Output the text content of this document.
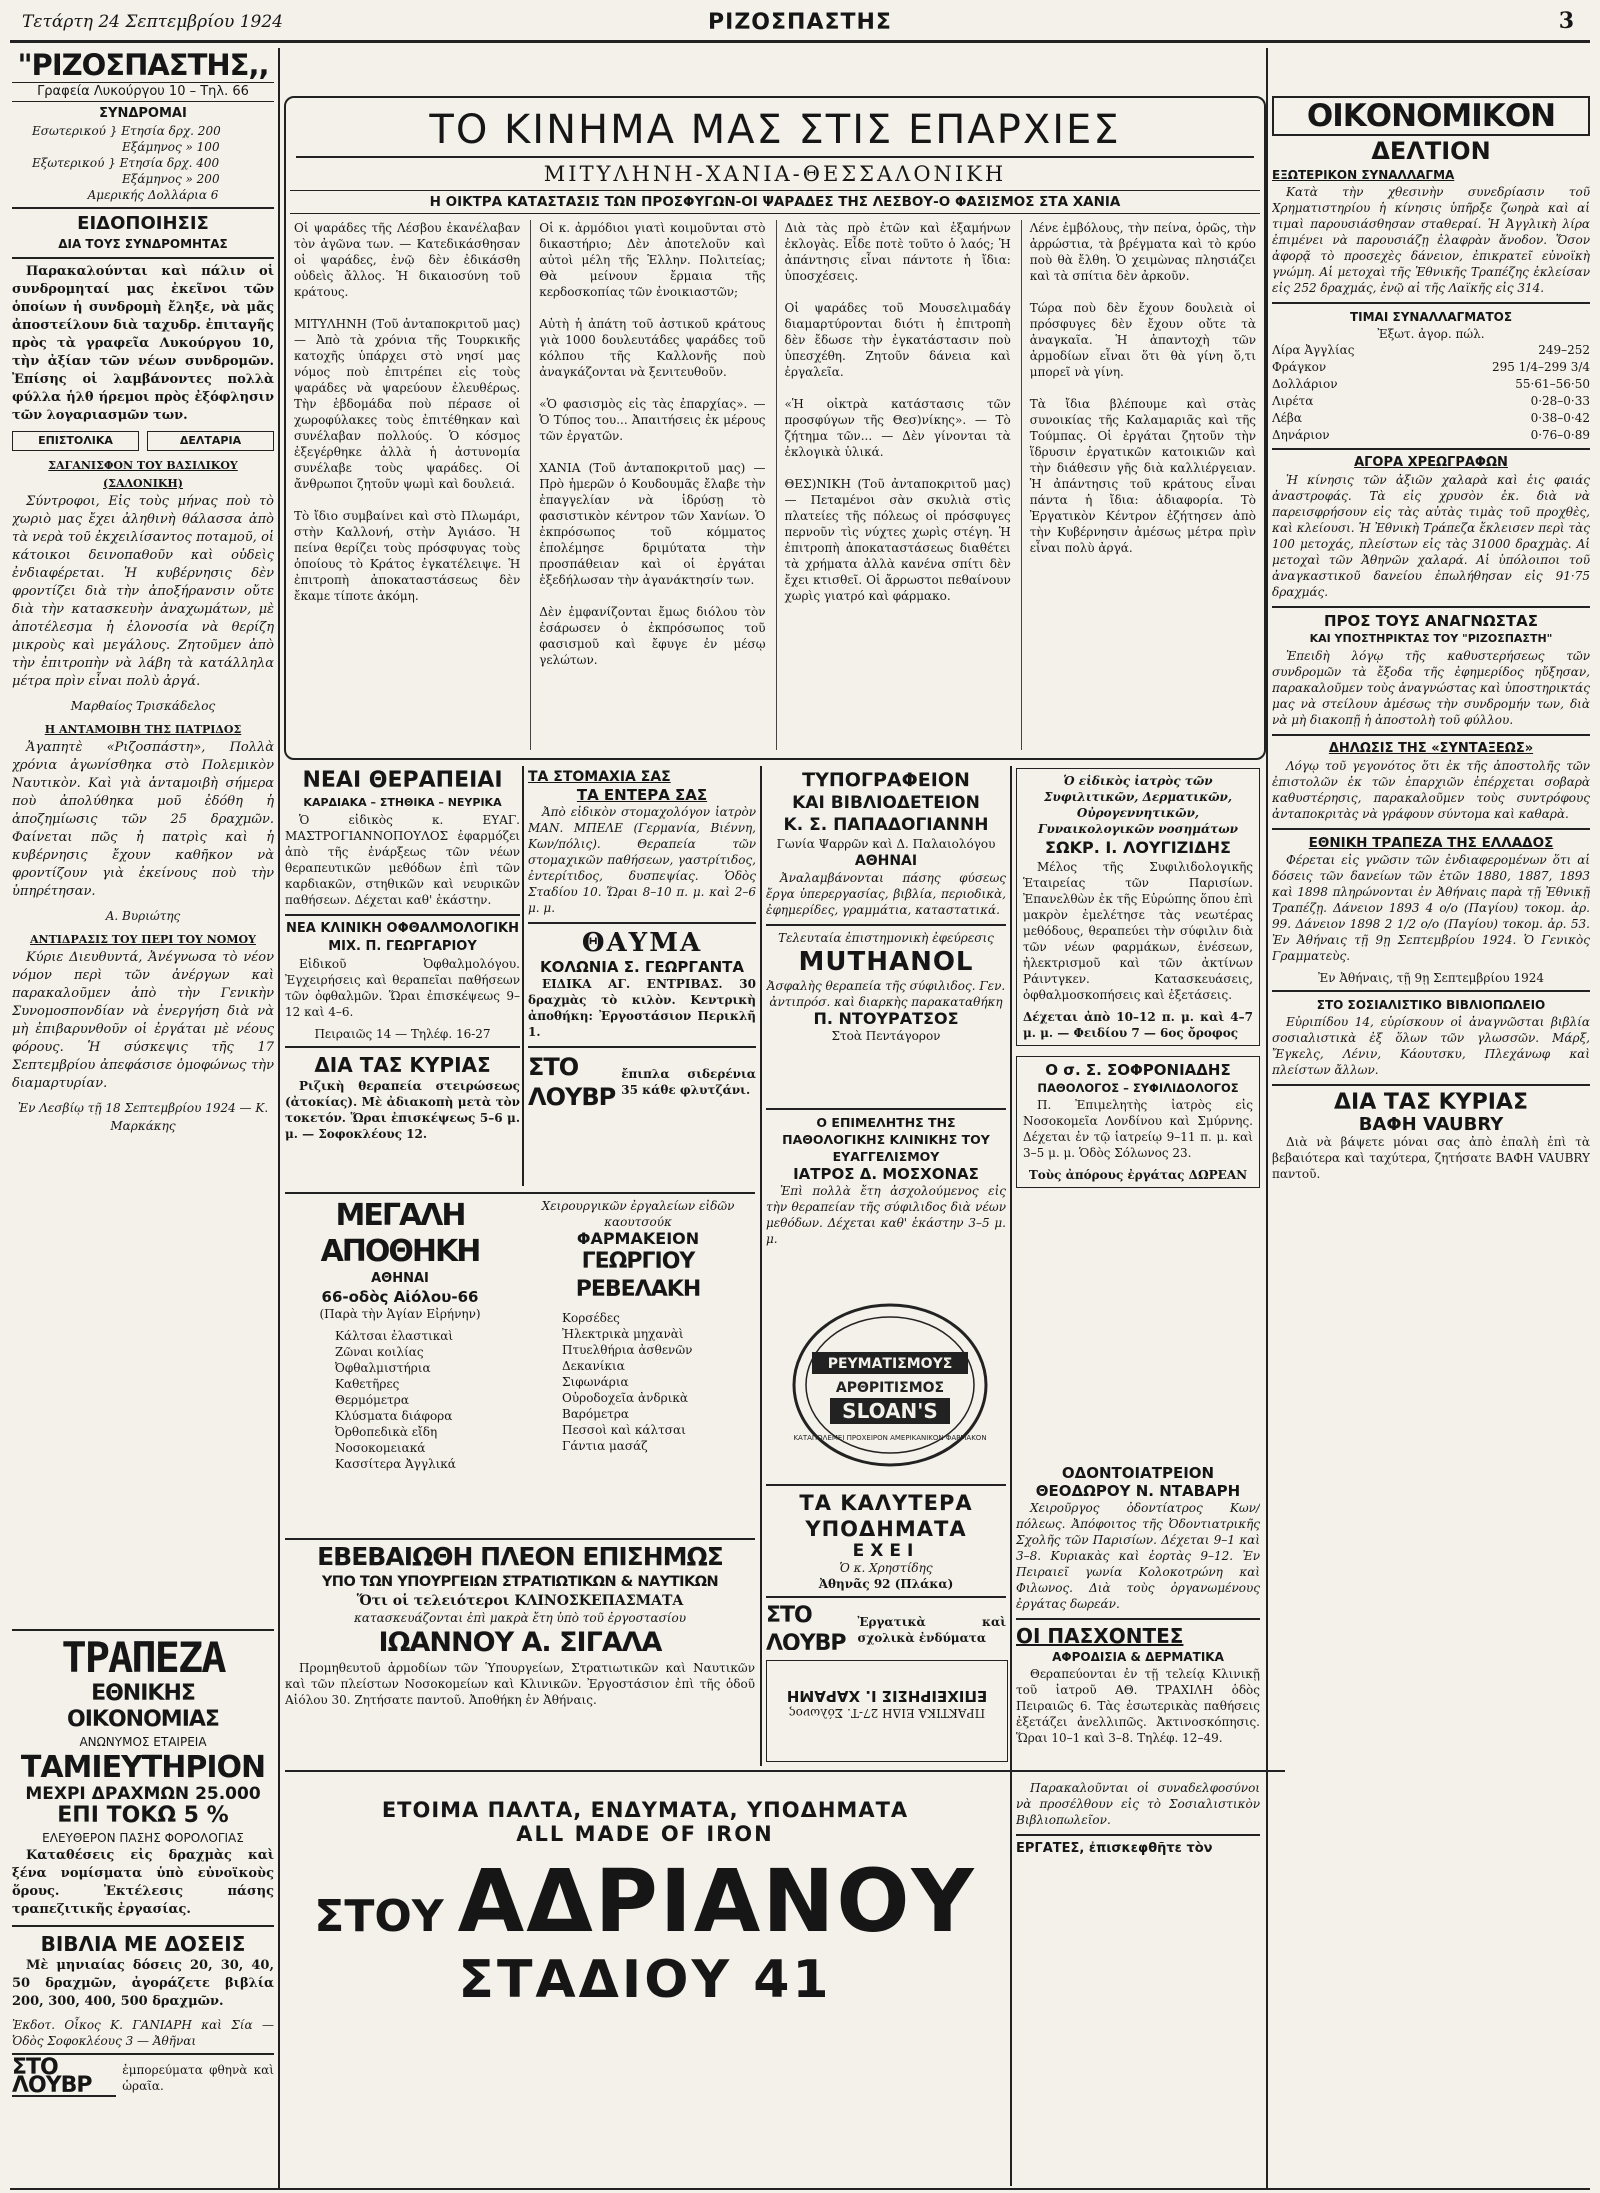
Τετάρτη 24 Σεπτεμβρίου 1924	ΡΙΖΟΣΠΑΣΤΗΣ	3
"ΡΙΖΟΣΠΑΣΤΗΣ,,
Γραφεία Λυκούργου 10 – Τηλ. 66
ΣΥΝΔΡΟΜΑΙ
Εσωτερικού } Ετησία δρχ. 200
Εξάμηνος » 100
Εξωτερικού } Ετησία δρχ. 400
Εξάμηνος » 200
Αμερικής Δολλάρια 6
ΕΙΔΟΠΟΙΗΣΙΣ
ΔΙΑ ΤΟΥΣ ΣΥΝΔΡΟΜΗΤΑΣ

Παρακαλούνται καὶ πάλιν οἱ συνδρομηταί μας ἐκεῖνοι τῶν ὁποίων ἡ συνδρομὴ ἔληξε, νὰ μᾶς ἀποστείλουν διὰ ταχυδρ. ἐπιταγῆς πρὸς τὰ γραφεῖα Λυκούργου 10, τὴν ἀξίαν τῶν νέων συνδρομῶν. Ἐπίσης οἱ λαμβάνοντες πολλὰ φύλλα ἡλθ ήρεμοι πρὸς ἐξόφλησιν τῶν λογαριασμῶν των.

ΕΠΙΣΤΟΛΙΚΑ	ΔΕΛΤΑΡΙΑ
ΣΑΓΑΝΙΣΦΟΝ ΤΟΥ ΒΑΣΙΛΙΚΟΥ (ΣΑΛΟΝΙΚΗ)

Σύντροφοι, Εἰς τοὺς μήνας ποὺ τὸ χωριὸ μας ἔχει ἀληθινὴ θάλασσα ἀπὸ τὰ νερὰ τοῦ ἐκχειλίσαντος ποταμοῦ, οἱ κάτοικοι δεινοπαθοῦν καὶ οὐδεὶς ἐνδιαφέρεται. Ἡ κυβέρνησις δὲν φροντίζει διὰ τὴν ἀποξήρανσιν οὔτε διὰ τὴν κατασκευὴν ἀναχωμάτων, μὲ ἀποτέλεσμα ἡ ἐλονοσία νὰ θερίζη μικροὺς καὶ μεγάλους. Ζητοῦμεν ἀπὸ τὴν ἐπιτροπὴν νὰ λάβη τὰ κατάλληλα μέτρα πρὶν εἶναι πολὺ ἀργά.

Μαρθαίος Τρισκάδελος
Η ΑΝΤΑΜΟΙΒΗ ΤΗΣ ΠΑΤΡΙΔΟΣ

Ἀγαπητὲ «Ριζοσπάστη», Πολλὰ χρόνια ἀγωνίσθηκα στὸ Πολεμικὸν Ναυτικὸν. Καὶ γιὰ ἀνταμοιβὴ σήμερα ποὺ ἀπολύθηκα μοῦ ἐδόθη ἡ ἀποζημίωσις τῶν 25 δραχμῶν. Φαίνεται πῶς ἡ πατρὶς καὶ ἡ κυβέρνησις ἔχουν καθῆκον νὰ φροντίζουν γιὰ ἐκείνους ποὺ τὴν ὑπηρέτησαν.

Α. Βυριώτης
ΑΝΤΙΔΡΑΣΙΣ ΤΟΥ ΠΕΡΙ ΤΟΥ ΝΟΜΟΥ

Κύριε Διευθυντά, Ἀνέγνωσα τὸ νέον νόμον περὶ τῶν ἀνέργων καὶ παρακαλοῦμεν ἀπὸ τὴν Γενικὴν Συνομοσπονδίαν νὰ ἐνεργήση διὰ νὰ μὴ ἐπιβαρυνθοῦν οἱ ἐργάται μὲ νέους φόρους. Ἡ σύσκεψις τῆς 17 Σεπτεμβρίου ἀπεφάσισε ὁμοφώνως τὴν διαμαρτυρίαν.

Ἐν Λεσβίῳ τῇ 18 Σεπτεμβρίου 1924 — Κ. Μαρκάκης
ΤΡΑΠΕΖΑ
ΕΘΝΙΚΗΣ ΟΙΚΟΝΟΜΙΑΣ
ΑΝΩΝΥΜΟΣ ΕΤΑΙΡΕΙΑ
ΤΑΜΙΕΥΤΗΡΙΟΝ
ΜΕΧΡΙ ΔΡΑΧΜΩΝ 25.000
ΕΠΙ ΤΟΚΩ 5 %
ΕΛΕΥΘΕΡΟΝ ΠΑΣΗΣ ΦΟΡΟΛΟΓΙΑΣ

Καταθέσεις εἰς δραχμὰς καὶ ξένα νομίσματα ὑπὸ εὐνοϊκοὺς ὅρους. Ἐκτέλεσις πάσης τραπεζιτικῆς ἐργασίας.

ΒΙΒΛΙΑ ΜΕ ΔΟΣΕΙΣ

Μὲ μηνιαίας δόσεις 20, 30, 40, 50 δραχμῶν, ἀγοράζετε βιβλία 200, 300, 400, 500 δραχμῶν.

Ἐκδοτ. Οἶκος Κ. ΓΑΝΙΑΡΗ καὶ Σία — Ὁδὸς Σοφοκλέους 3 — Ἀθῆναι
ΣΤΟ ΛΟΥΒΡ
ἐμπορεύματα φθηνὰ καὶ ὡραῖα.
ΤΟ ΚΙΝΗΜΑ ΜΑΣ ΣΤΙΣ ΕΠΑΡΧΙΕΣ
ΜΙΤΥΛΗΝΗ-ΧΑΝΙΑ-ΘΕΣΣΑΛΟΝΙΚΗ
Η ΟΙΚΤΡΑ ΚΑΤΑΣΤΑΣΙΣ ΤΩΝ ΠΡΟΣΦΥΓΩΝ-ΟΙ ΨΑΡΑΔΕΣ ΤΗΣ ΛΕΣΒΟΥ-Ο ΦΑΣΙΣΜΟΣ ΣΤΑ ΧΑΝΙΑ
Οἱ ψαράδες τῆς Λέσβου ἐκανέλαβαν τὸν ἀγῶνα των. — Κατεδικάσθησαν οἱ ψαράδες, ἐνῷ δὲν ἐδικάσθη οὐδεὶς ἄλλος. Ἡ δικαιοσύνη τοῦ κράτους.

ΜΙΤΥΛΗΝΗ (Τοῦ ἀνταποκριτοῦ μας) — Ἀπὸ τὰ χρόνια τῆς Τουρκικῆς κατοχῆς ὑπάρχει στὸ νησί μας νόμος ποὺ ἐπιτρέπει εἰς τοὺς ψαράδες νὰ ψαρεύουν ἐλευθέρως. Τὴν ἑβδομάδα ποὺ πέρασε οἱ χωροφύλακες τοὺς ἐπιτέθηκαν καὶ συνέλαβαν πολλούς. Ὁ κόσμος ἐξεγέρθηκε ἀλλὰ ἡ ἀστυνομία συνέλαβε τοὺς ψαράδες. Οἱ ἄνθρωποι ζητοῦν ψωμὶ καὶ δουλειά.

Τὸ ἴδιο συμβαίνει καὶ στὸ Πλωμάρι, στὴν Καλλονή, στὴν Ἀγιάσο. Ἡ πείνα θερίζει τοὺς πρόσφυγας τοὺς ὁποίους τὸ Κράτος ἐγκατέλειψε. Ἡ ἐπιτροπὴ ἀποκαταστάσεως δὲν ἔκαμε τίποτε ἀκόμη.
Οἱ κ. ἀρμόδιοι γιατὶ κοιμοῦνται στὸ δικαστήριο; Δὲν ἀποτελοῦν καὶ αὐτοὶ μέλη τῆς Ἑλλην. Πολιτείας; Θὰ μείνουν ἔρμαια τῆς κερδοσκοπίας τῶν ἐνοικιαστῶν;

Αὐτὴ ἡ ἀπάτη τοῦ ἀστικοῦ κράτους γιὰ 1000 δουλευτάδες ψαράδες τοῦ κόλπου τῆς Καλλονῆς ποὺ ἀναγκάζονται νὰ ξενιτευθοῦν.

«Ὁ φασισμὸς εἰς τὰς ἐπαρχίας». — Ὁ Τύπος του... Ἀπαιτήσεις ἐκ μέρους τῶν ἐργατῶν.

ΧΑΝΙΑ (Τοῦ ἀνταποκριτοῦ μας) — Πρὸ ἡμερῶν ὁ Κουδουμᾶς ἔλαβε τὴν ἐπαγγελίαν νὰ ἱδρύσῃ τὸ φασιστικὸν κέντρον τῶν Χανίων. Ὁ ἐκπρόσωπος τοῦ κόμματος ἐπολέμησε δριμύτατα τὴν προσπάθειαν καὶ οἱ ἐργάται ἐξεδήλωσαν τὴν ἀγανάκτησίν των.

Δὲν ἐμφανίζονται ἔμως διόλου τὸν ἐσάρωσεν ὁ ἐκπρόσωπος τοῦ φασισμοῦ καὶ ἔφυγε ἐν μέσῳ γελώτων.
Διὰ τὰς πρὸ ἐτῶν καὶ ἐξαμήνων ἐκλογὰς. Εἶδε ποτὲ τοῦτο ὁ λαός; Ἡ ἀπάντησις εἶναι πάντοτε ἡ ἴδια: ὑποσχέσεις.

Οἱ ψαράδες τοῦ Μουσελιμαδάγ διαμαρτύρονται διότι ἡ ἐπιτροπὴ δὲν ἔδωσε τὴν ἐγκατάστασιν ποὺ ὑπεσχέθη. Ζητοῦν δάνεια καὶ ἐργαλεῖα.

«Ἡ οἰκτρὰ κατάστασις τῶν προσφύγων τῆς Θεσ)νίκης». — Τὸ ζήτημα τῶν... — Δὲν γίνονται τὰ ἐκλογικὰ ὑλικά.

ΘΕΣ)ΝΙΚΗ (Τοῦ ἀνταποκριτοῦ μας) — Πεταμένοι σὰν σκυλιὰ στὶς πλατείες τῆς πόλεως οἱ πρόσφυγες περνοῦν τὶς νύχτες χωρὶς στέγη. Ἡ ἐπιτροπὴ ἀποκαταστάσεως διαθέτει τὰ χρήματα ἀλλὰ κανένα σπίτι δὲν ἔχει κτισθεῖ. Οἱ ἄρρωστοι πεθαίνουν χωρὶς γιατρό καὶ φάρμακο.
Λένε ἐμβόλους, τὴν πείνα, ὁρῶς, τὴν ἀρρώστια, τὰ βρέγματα καὶ τὸ κρύο ποὺ θὰ ἔλθη. Ὁ χειμὼνας πλησιάζει καὶ τὰ σπίτια δὲν ἀρκοῦν.

Τώρα ποὺ δὲν ἔχουν δουλειὰ οἱ πρόσφυγες δὲν ἔχουν οὔτε τὰ ἀναγκαῖα. Ἡ ἀπαντοχὴ τῶν ἀρμοδίων εἶναι ὅτι θὰ γίνη ὅ,τι μπορεῖ νὰ γίνη.

Τὰ ἴδια βλέπουμε καὶ στὰς συνοικίας τῆς Καλαμαριᾶς καὶ τῆς Τούμπας. Οἱ ἐργάται ζητοῦν τὴν ἵδρυσιν ἐργατικῶν κατοικιῶν καὶ τὴν διάθεσιν γῆς διὰ καλλιέργειαν. Ἡ ἀπάντησις τοῦ κράτους εἶναι πάντα ἡ ἴδια: ἀδιαφορία. Τὸ Ἐργατικὸν Κέντρον ἐζήτησεν ἀπὸ τὴν Κυβέρνησιν ἀμέσως μέτρα πρὶν εἶναι πολὺ ἀργά.
ΝΕΑΙ ΘΕΡΑΠΕΙΑΙ
ΚΑΡΔΙΑΚΑ – ΣΤΗΘΙΚΑ – ΝΕΥΡΙΚΑ

Ὁ εἰδικὸς κ. ΕΥΑΓ. ΜΑΣΤΡΟΓΙΑΝΝΟΠΟΥΛΟΣ ἐφαρμόζει ἀπὸ τῆς ἐνάρξεως τῶν νέων θεραπευτικῶν μεθόδων ἐπὶ τῶν καρδιακῶν, στηθικῶν καὶ νευρικῶν παθήσεων. Δέχεται καθ' ἑκάστην.

ΝΕΑ ΚΛΙΝΙΚΗ ΟΦΘΑΛΜΟΛΟΓΙΚΗ
ΜΙΧ. Π. ΓΕΩΡΓΑΡΙΟΥ

Εἰδικοῦ Ὀφθαλμολόγου. Ἐγχειρήσεις καὶ θεραπεῖαι παθήσεων τῶν ὀφθαλμῶν. Ὥραι ἐπισκέψεως 9–12 καὶ 4–6.

Πειραιῶς 14 — Τηλέφ. 16-27
ΔΙΑ ΤΑΣ ΚΥΡΙΑΣ

Ριζικὴ θεραπεία στειρώσεως (ἀτοκίας). Μὲ ἀδιακοπὴ μετὰ τὸν τοκετόν. Ὥραι ἐπισκέψεως 5–6 μ. μ. — Σοφοκλέους 12.

ΤΑ ΣΤΟΜΑΧΙΑ ΣΑΣ
ΤΑ ΕΝΤΕΡΑ ΣΑΣ

Ἀπὸ εἰδικὸν στομαχολόγον ἰατρὸν ΜΑΝ. ΜΠΕΛΕ (Γερμανία, Βιέννη, Κων/πόλις). Θεραπεία τῶν στομαχικῶν παθήσεων, γαστρίτιδος, ἐντερίτιδος, δυσπεψίας. Ὁδὸς Σταδίου 10. Ὥραι 8–10 π. μ. καὶ 2–6 μ. μ.

ΘΑΥΜΑ
ΚΟΛΩΝΙΑ Σ. ΓΕΩΡΓΑΝΤΑ

ΕΙΔΙΚΑ ΑΓ. ΕΝΤΡΙΒΑΣ. 30 δραχμὰς τὸ κιλὸν. Κεντρικὴ ἀποθήκη: Ἐργοστάσιον Περικλῆ 1.

ΣΤΟ ΛΟΥΒΡ
ἔπιπλα σιδερένια 35 κάθε φλυτζάνι.
ΜΕΓΑΛΗ ΑΠΟΘΗΚΗ
ΑΘΗΝΑΙ
66-οδὸς Αἰόλου-66
(Παρὰ τὴν Ἁγίαν Εἰρήνην)
Κάλτσαι ἐλαστικαὶ
Ζῶναι κοιλίας
Ὀφθαλμιστήρια
Καθετῆρες
Θερμόμετρα
Κλύσματα διάφορα
Ὀρθοπεδικὰ εἴδη
Νοσοκομειακά
Κασσίτερα Ἀγγλικά
Χειρουργικῶν ἐργαλείων εἰδῶν καουτσούκ
ΦΑΡΜΑΚΕΙΟΝ
ΓΕΩΡΓΙΟΥ ΡΕΒΕΛΑΚΗ
Κορσέδες
Ἠλεκτρικὰ μηχανὰὶ
Πτυελθήρια ἀσθενῶν
Δεκανίκια
Σιφωνάρια
Οὐροδοχεῖα ἀνδρικὰ
Βαρόμετρα
Πεσσοὶ καὶ κάλτσαι
Γάντια μασάζ
ΕΒΕΒΑΙΩΘΗ ΠΛΕΟΝ ΕΠΙΣΗΜΩΣ
ΥΠΟ ΤΩΝ ΥΠΟΥΡΓΕΙΩΝ ΣΤΡΑΤΙΩΤΙΚΩΝ & ΝΑΥΤΙΚΩΝ
Ὅτι οἱ τελειότεροι ΚΛΙΝΟΣΚΕΠΑΣΜΑΤΑ
κατασκευάζονται ἐπὶ μακρὰ ἔτη ὑπὸ τοῦ ἐργοστασίου
ΙΩΑΝΝΟΥ Α. ΣΙΓΑΛΑ

Προμηθευτοῦ ἀρμοδίων τῶν Ὑπουργείων, Στρατιωτικῶν καὶ Ναυτικῶν καὶ τῶν πλείστων Νοσοκομείων καὶ Κλινικῶν. Ἐργοστάσιον ἐπὶ τῆς ὁδοῦ Αἰόλου 30. Ζητήσατε παντοῦ. Ἀποθήκη ἐν Ἀθήναις.

ΤΥΠΟΓΡΑΦΕΙΟΝ
ΚΑΙ ΒΙΒΛΙΟΔΕΤΕΙΟΝ
Κ. Σ. ΠΑΠΑΔΟΓΙΑΝΝΗ
Γωνία Ψαρρῶν καὶ Δ. Παλαιολόγου
ΑΘΗΝΑΙ

Ἀναλαμβάνονται πάσης φύσεως ἔργα ὑπερεργασίας, βιβλία, περιοδικὰ, ἐφημερίδες, γραμμάτια, καταστατικά.

Τελευταία ἐπιστημονικὴ ἐφεύρεσις
MUTHANOL
Ἀσφαλὴς θεραπεία τῆς σύφιλιδος. Γεν. ἀντιπρόσ. καὶ διαρκὴς παρακαταθήκη
Π. ΝΤΟΥΡΑΤΣΟΣ
Στοὰ Πεντάγορον
Ο ΕΠΙΜΕΛΗΤΗΣ ΤΗΣ ΠΑΘΟΛΟΓΙΚΗΣ ΚΛΙΝΙΚΗΣ ΤΟΥ ΕΥΑΓΓΕΛΙΣΜΟΥ
ΙΑΤΡΟΣ Δ. ΜΟΣΧΟΝΑΣ

Ἐπὶ πολλὰ ἔτη ἀσχολούμενος εἰς τὴν θεραπείαν τῆς σύφιλιδος διὰ νέων μεθόδων. Δέχεται καθ' ἑκάστην 3–5 μ. μ.

ΡΕΥΜΑΤΙΣΜΟΥΣ
ΑΡΘΡΙΤΙΣΜΟΣ
SLOAN'S
ΚΑΤΑΠΟΛΕΜΕΙ ΠΡΟΧΕΙΡΟΝ ΑΜΕΡΙΚΑΝΙΚΟΝ ΦΑΡΜΑΚΟΝ
ΤΑ ΚΑΛΥΤΕΡΑ ΥΠΟΔΗΜΑΤΑ
ΕΧΕΙ
Ὁ κ. Χρηστίδης
Ἀθηνᾶς 92 (Πλάκα)
ΣΤΟ ΛΟΥΒΡ
Ἐργατικὰ καὶ σχολικὰ ἐνδύματα
Ὁ εἰδικὸς ἰατρὸς τῶν Συφιλιτικῶν, Δερματικῶν, Οὐρογεννητικῶν, Γυναικολογικῶν νοσημάτων
ΣΩΚΡ. Ι. ΛΟΥΓΙΖΙΔΗΣ

Μέλος τῆς Συφιλιδολογικῆς Ἑταιρείας τῶν Παρισίων. Ἐπανελθὼν ἐκ τῆς Εὐρώπης ὅπου ἐπὶ μακρὸν ἐμελέτησε τὰς νεωτέρας μεθόδους, θεραπεύει τὴν σύφιλιν διὰ τῶν νέων φαρμάκων, ἑνέσεων, ἠλεκτρισμοῦ καὶ τῶν ἀκτίνων Ράιντγκεν. Κατασκευάσεις, ὀφθαλμοσκοπήσεις καὶ ἐξετάσεις.

Δέχεται ἀπὸ 10–12 π. μ. καὶ 4–7 μ. μ. — Φειδίου 7 — 6ος ὄροφος
Ο σ. Σ. ΣΟΦΡΟΝΙΑΔΗΣ
ΠΑΘΟΛΟΓΟΣ – ΣΥΦΙΛΙΔΟΛΟΓΟΣ

Π. Ἐπιμελητὴς ἰατρὸς εἰς Νοσοκομεῖα Λονδίνου καὶ Σμύρνης. Δέχεται ἐν τῷ ἰατρείῳ 9–11 π. μ. καὶ 3–5 μ. μ. Ὁδὸς Σόλωνος 23.

Τοὺς ἀπόρους ἐργάτας ΔΩΡΕΑΝ
ΟΔΟΝΤΟΙΑΤΡΕΙΟΝ
ΘΕΟΔΩΡΟΥ Ν. ΝΤΑΒΑΡΗ

Χειροῦργος ὀδοντίατρος Κων/πόλεως. Ἀπόφοιτος τῆς Ὀδοντιατρικῆς Σχολῆς τῶν Παρισίων. Δέχεται 9–1 καὶ 3–8. Κυριακὰς καὶ ἑορτὰς 9–12. Ἐν Πειραιεῖ γωνία Κολοκοτρώνη καὶ Φιλωνος. Διὰ τοὺς ὀργανωμένους ἐργάτας δωρεάν.

ΟΙ ΠΑΣΧΟΝΤΕΣ
ΑΦΡΟΔΙΣΙΑ & ΔΕΡΜΑΤΙΚΑ

Θεραπεύονται ἐν τῇ τελείᾳ Κλινικῇ τοῦ ἰατροῦ ΑΘ. ΤΡΑΧΙΛΗ ὁδὸς Πειραιῶς 6. Τὰς ἐσωτερικὰς παθήσεις ἐξετάζει ἀνελλιπῶς. Ἀκτινοσκόπησις. Ὥραι 10–1 καὶ 3–8. Τηλέφ. 12–49.

ΕΠΙΧΕΙΡΗΣΙΣ Ι. ΧΑΡΑΜΗ
ΠΡΑΚΤΙΚΑ ΕΙΔΗ 27-Τ. Σόλωνος
ΕΤΟΙΜΑ ΠΑΛΤΑ, ΕΝΔΥΜΑΤΑ, ΥΠΟΔΗΜΑΤΑ
ALL MADE OF IRON
ΣΤΟΥ ΑΔΡΙΑΝΟΥ
ΣΤΑΔΙΟΥ 41

Παρακαλοῦνται οἱ συναδελφοσύνοι νὰ προσέλθουν εἰς τὸ Σοσιαλιστικὸν Βιβλιοπωλεῖον.

ΕΡΓΑΤΕΣ, ἐπισκεφθῆτε τὸν
ΟΙΚΟΝΟΜΙΚΟΝ
ΔΕΛΤΙΟΝ
ΕΞΩΤΕΡΙΚΟΝ ΣΥΝΑΛΛΑΓΜΑ

Κατὰ τὴν χθεσινὴν συνεδρίασιν τοῦ Χρηματιστηρίου ἡ κίνησις ὑπῆρξε ζωηρὰ καὶ αἱ τιμαὶ παρουσιάσθησαν σταθεραί. Ἡ Ἀγγλικὴ λίρα ἐπιμένει νὰ παρουσιάζῃ ἐλαφρὰν ἄνοδον. Ὅσον ἀφορᾷ τὸ προσεχὲς δάνειον, ἐπικρατεῖ εὐνοϊκὴ γνώμη. Αἱ μετοχαὶ τῆς Ἐθνικῆς Τραπέζης ἐκλείσαν εἰς 252 δραχμάς, ἐνῷ αἱ τῆς Λαϊκῆς εἰς 314.

ΤΙΜΑΙ ΣΥΝΑΛΛΑΓΜΑΤΟΣ
Ἐξωτ. ἀγορ. πώλ.
Λίρα Ἀγγλίας	249–252
Φράγκον	295 1/4–299 3/4
Δολλάριον	55·61–56·50
Λιρέτα	0·28–0·33
Λέβα	0·38–0·42
Δηνάριον	0·76–0·89
ΑΓΟΡΑ ΧΡΕΩΓΡΑΦΩΝ

Ἡ κίνησις τῶν ἀξιῶν χαλαρὰ καὶ ἐις φαιάς ἀναστροφάς. Τὰ εἰς χρυσὸν ἐκ. διὰ νὰ παρεισφρήσουν εἰς τὰς αὐτὰς τιμὰς τοῦ προχθὲς, καὶ κλείουσι. Ἡ Ἐθνικὴ Τράπεζα ἔκλεισεν περὶ τὰς 100 μετοχάς, πλείστων εἰς τὰς 31000 δραχμὰς. Αἱ μετοχαὶ τῶν Ἀθηνῶν χαλαρά. Αἱ ὑπόλοιποι τοῦ ἀναγκαστικοῦ δανείου ἐπωλήθησαν εἰς 91·75 δραχμάς.

ΠΡΟΣ ΤΟΥΣ ΑΝΑΓΝΩΣΤΑΣ
ΚΑΙ ΥΠΟΣΤΗΡΙΚΤΑΣ ΤΟΥ "ΡΙΖΟΣΠΑΣΤΗ"

Ἐπειδὴ λόγῳ τῆς καθυστερήσεως τῶν συνδρομῶν τὰ ἔξοδα τῆς ἐφημερίδος ηὔξησαν, παρακαλοῦμεν τοὺς ἀναγνώστας καὶ ὑποστηρικτάς μας νὰ στείλουν ἀμέσως τὴν συνδρομήν των, διὰ νὰ μὴ διακοπῇ ἡ ἀποστολὴ τοῦ φύλλου.

ΔΗΛΩΣΙΣ ΤΗΣ «ΣΥΝΤΑΞΕΩΣ»

Λόγῳ τοῦ γεγονότος ὅτι ἐκ τῆς ἀποστολῆς τῶν ἐπιστολῶν ἐκ τῶν ἐπαρχιῶν ἐπέρχεται σοβαρὰ καθυστέρησις, παρακαλοῦμεν τοὺς συντρόφους ἀνταποκριτὰς νὰ γράφουν σύντομα καὶ καθαρὰ.

ΕΘΝΙΚΗ ΤΡΑΠΕΖΑ ΤΗΣ ΕΛΛΑΔΟΣ

Φέρεται εἰς γνῶσιν τῶν ἐνδιαφερομένων ὅτι αἱ δόσεις τῶν δανείων τῶν ἐτῶν 1880, 1887, 1893 καὶ 1898 πληρώνονται ἐν Ἀθήναις παρὰ τῇ Ἐθνικῇ Τραπέζῃ. Δάνειον 1893 4 ο/ο (Παγίου) τοκομ. ἀρ. 99. Δάνειον 1898 2 1/2 ο/ο (Παγίου) τοκομ. ἀρ. 53. Ἐν Ἀθήναις τῇ 9ῃ Σεπτεμβρίου 1924. Ὁ Γενικὸς Γραμματεὺς.

Ἐν Ἀθήναις, τῇ 9ῃ Σεπτεμβρίου 1924
ΣΤΟ ΣΟΣΙΑΛΙΣΤΙΚΟ ΒΙΒΛΙΟΠΩΛΕΙΟ

Εὐριπίδου 14, εὑρίσκουν οἱ ἀναγνῶσται βιβλία σοσιαλιστικὰ ἐξ ὅλων τῶν γλωσσῶν. Μάρξ, Ἔγκελς, Λένιν, Κάουτσκυ, Πλεχάνωφ καὶ πλείστων ἄλλων.

ΔΙΑ ΤΑΣ ΚΥΡΙΑΣ
ΒΑΦΗ VAUBRY

Διὰ νὰ βάψετε μόναι σας ἀπὸ ἐπαλὴ ἐπὶ τὰ βεβαιότερα καὶ ταχύτερα, ζητήσατε ΒΑΦΗ VAUBRY παντοῦ.
